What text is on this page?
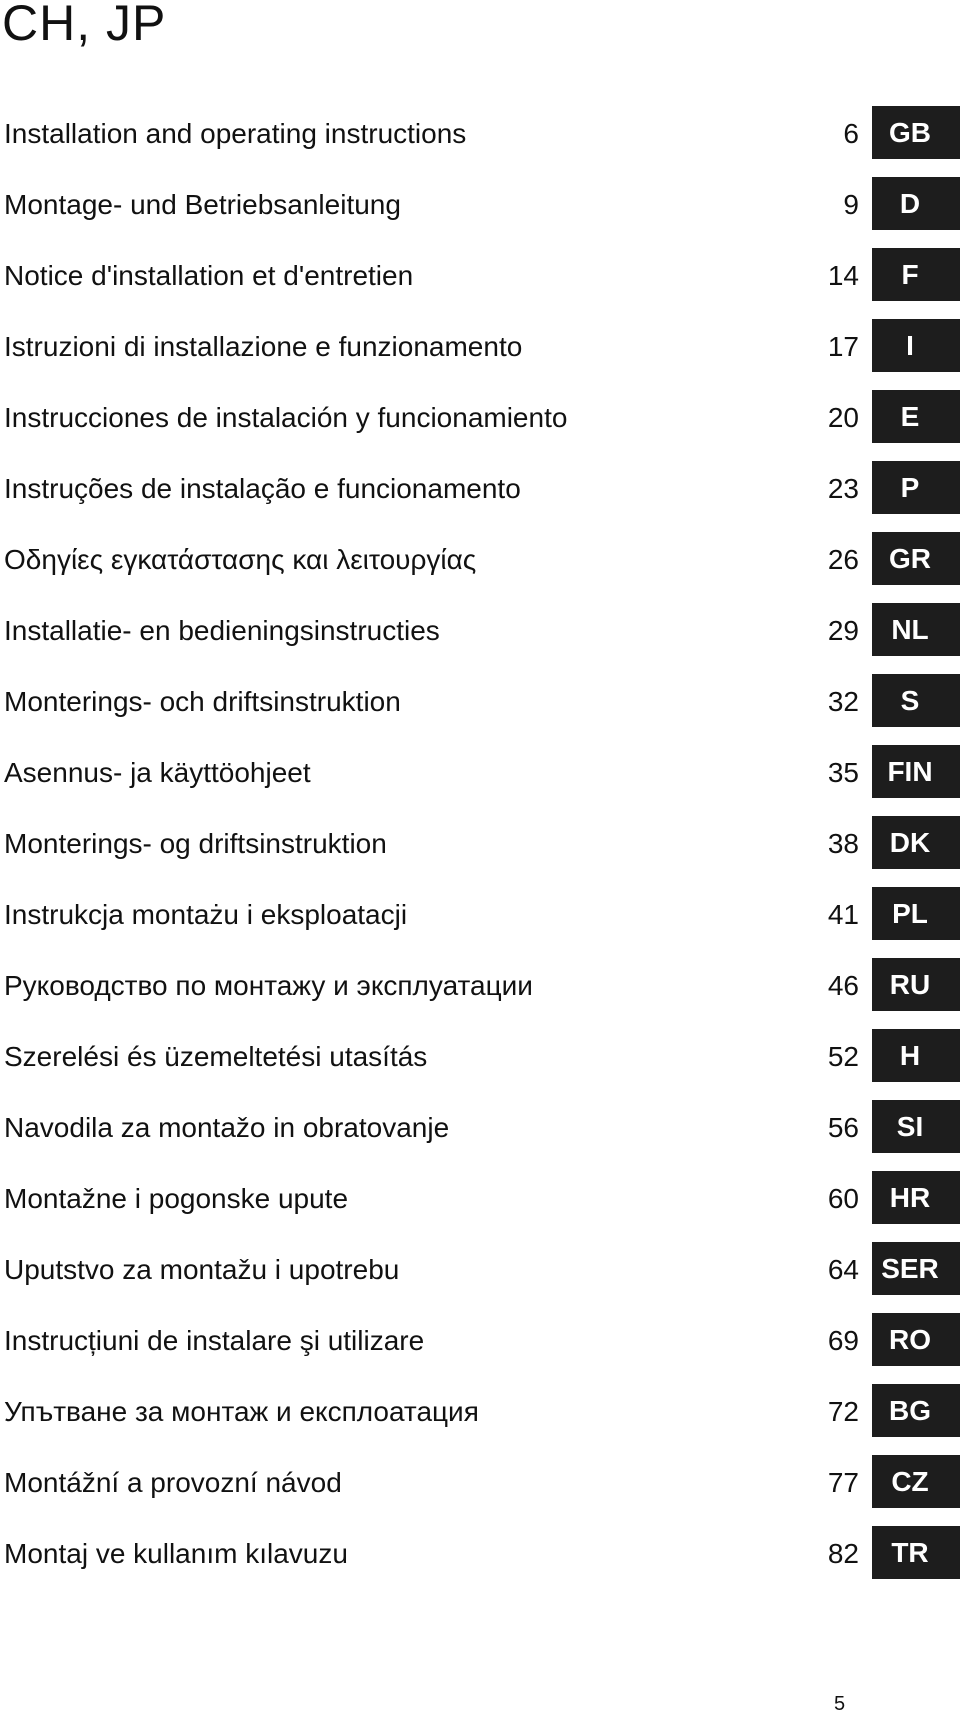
CH, JP
Installation and operating instructions	6	GB
Montage- und Betriebsanleitung	9	D
Notice d'installation et d'entretien	14	F
Istruzioni di installazione e funzionamento	17	I
Instrucciones de instalación y funcionamiento	20	E
Instruções de instalação e funcionamento	23	P
Οδηγίες εγκατάστασης και λειτουργίας	26	GR
Installatie- en bedieningsinstructies	29	NL
Monterings- och driftsinstruktion	32	S
Asennus- ja käyttöohjeet	35	FIN
Monterings- og driftsinstruktion	38	DK
Instrukcja montażu i eksploatacji	41	PL
Руководство по монтажу и эксплуатации	46	RU
Szerelési és üzemeltetési utasítás	52	H
Navodila za montažo in obratovanje	56	SI
Montažne i pogonske upute	60	HR
Uputstvo za montažu i upotrebu	64 SER
Instrucțiuni de instalare şi utilizare	69	RO
Упътване за монтаж и експлоатация	72	BG
Montážní a provozní návod	77	CZ
Montaj ve kullanım kılavuzu	82	TR
5
